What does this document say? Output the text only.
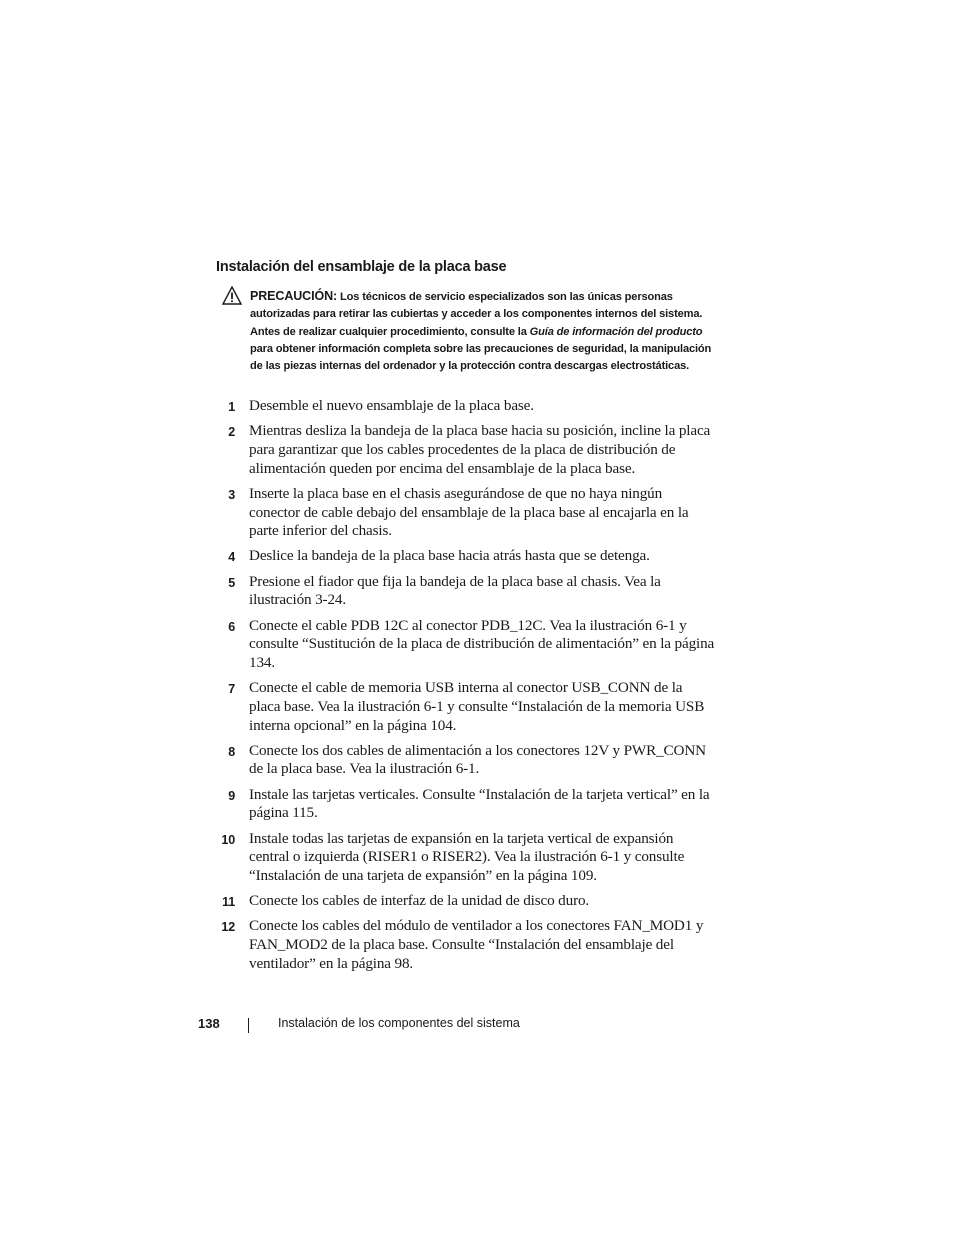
Instalación del ensamblaje de la placa base
PRECAUCIÓN: Los técnicos de servicio especializados son las únicas personas autorizadas para retirar las cubiertas y acceder a los componentes internos del sistema. Antes de realizar cualquier procedimiento, consulte la Guía de información del producto para obtener información completa sobre las precauciones de seguridad, la manipulación de las piezas internas del ordenador y la protección contra descargas electrostáticas.
1 Desemble el nuevo ensamblaje de la placa base.
2 Mientras desliza la bandeja de la placa base hacia su posición, incline la placa para garantizar que los cables procedentes de la placa de distribución de alimentación queden por encima del ensamblaje de la placa base.
3 Inserte la placa base en el chasis asegurándose de que no haya ningún conector de cable debajo del ensamblaje de la placa base al encajarla en la parte inferior del chasis.
4 Deslice la bandeja de la placa base hacia atrás hasta que se detenga.
5 Presione el fiador que fija la bandeja de la placa base al chasis. Vea la ilustración 3-24.
6 Conecte el cable PDB 12C al conector PDB_12C. Vea la ilustración 6-1 y consulte “Sustitución de la placa de distribución de alimentación” en la página 134.
7 Conecte el cable de memoria USB interna al conector USB_CONN de la placa base. Vea la ilustración 6-1 y consulte “Instalación de la memoria USB interna opcional” en la página 104.
8 Conecte los dos cables de alimentación a los conectores 12V y PWR_CONN de la placa base. Vea la ilustración 6-1.
9 Instale las tarjetas verticales. Consulte “Instalación de la tarjeta vertical” en la página 115.
10 Instale todas las tarjetas de expansión en la tarjeta vertical de expansión central o izquierda (RISER1 o RISER2). Vea la ilustración 6-1 y consulte “Instalación de una tarjeta de expansión” en la página 109.
11 Conecte los cables de interfaz de la unidad de disco duro.
12 Conecte los cables del módulo de ventilador a los conectores FAN_MOD1 y FAN_MOD2 de la placa base. Consulte “Instalación del ensamblaje del ventilador” en la página 98.
138	Instalación de los componentes del sistema
